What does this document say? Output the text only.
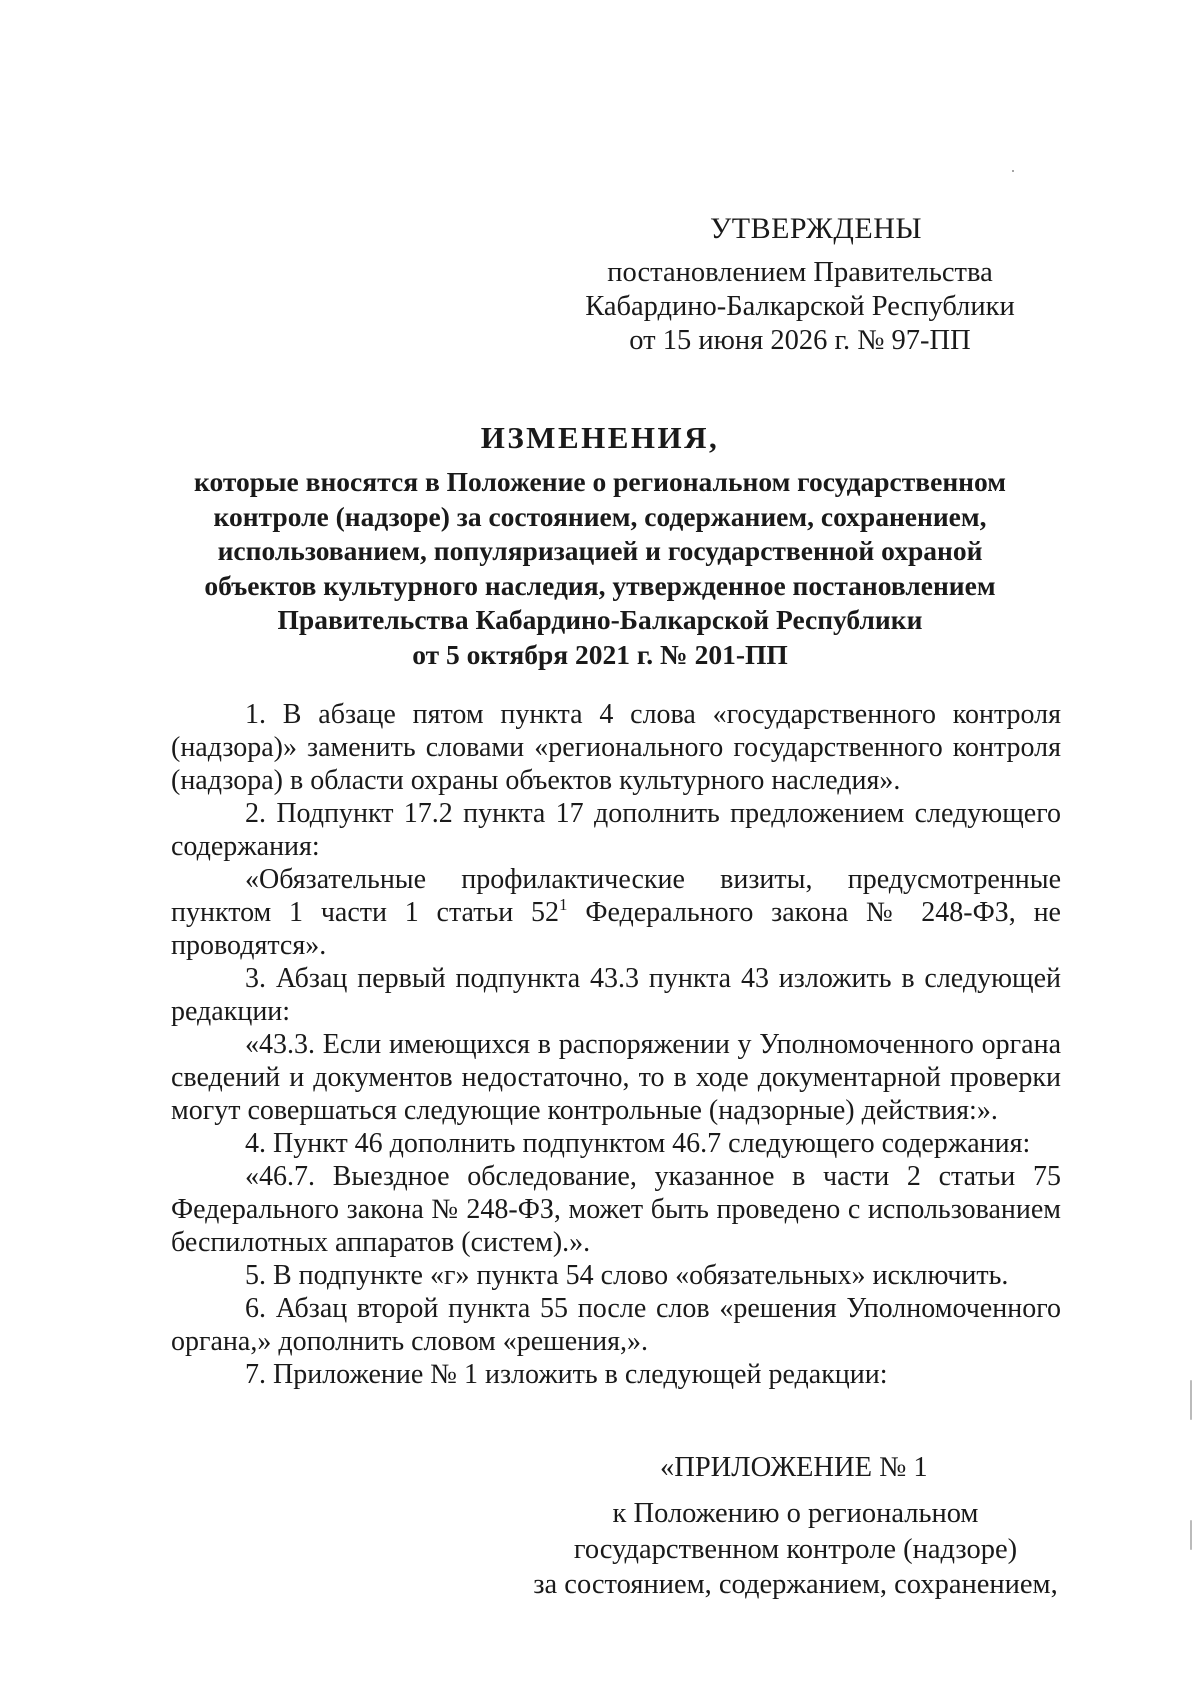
УТВЕРЖДЕНЫ
постановлением Правительства
Кабардино-Балкарской Республики
от 15 июня 2026 г. № 97-ПП
ИЗМЕНЕНИЯ,
которые вносятся в Положение о региональном государственном
контроле (надзоре) за состоянием, содержанием, сохранением,
использованием, популяризацией и государственной охраной
объектов культурного наследия, утвержденное постановлением
Правительства Кабардино-Балкарской Республики
от 5 октября 2021 г. № 201-ПП

1. В абзаце пятом пункта 4 слова «государственного контроля (надзора)» заменить словами «регионального государственного контроля (надзора) в области охраны объектов культурного наследия».

2. Подпункт 17.2 пункта 17 дополнить предложением следующего содержания:

«Обязательные профилактические визиты, предусмотренные пунктом 1 части 1 статьи $52^1$ Федерального закона № 248-ФЗ, не проводятся».

3. Абзац первый подпункта 43.3 пункта 43 изложить в следующей редакции:

«43.3. Если имеющихся в распоряжении у Уполномоченного органа сведений и документов недостаточно, то в ходе документарной проверки могут совершаться следующие контрольные (надзорные) действия:».

4. Пункт 46 дополнить подпунктом 46.7 следующего содержания:

«46.7. Выездное обследование, указанное в части 2 статьи 75 Федерального закона № 248-ФЗ, может быть проведено с использованием беспилотных аппаратов (систем).».

5. В подпункте «г» пункта 54 слово «обязательных» исключить.

6. Абзац второй пункта 55 после слов «решения Уполномоченного органа,» дополнить словом «решения,».

7. Приложение № 1 изложить в следующей редакции:

«ПРИЛОЖЕНИЕ № 1
к Положению о региональном
государственном контроле (надзоре)
за состоянием, содержанием, сохранением,
